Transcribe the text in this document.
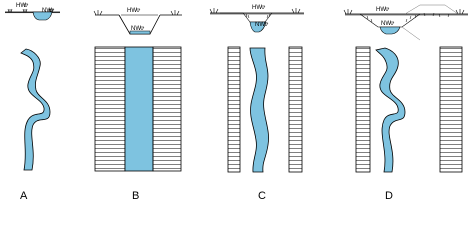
HW
NW
A
HW
NW
B
HW
NW
C
HW
NW
D
